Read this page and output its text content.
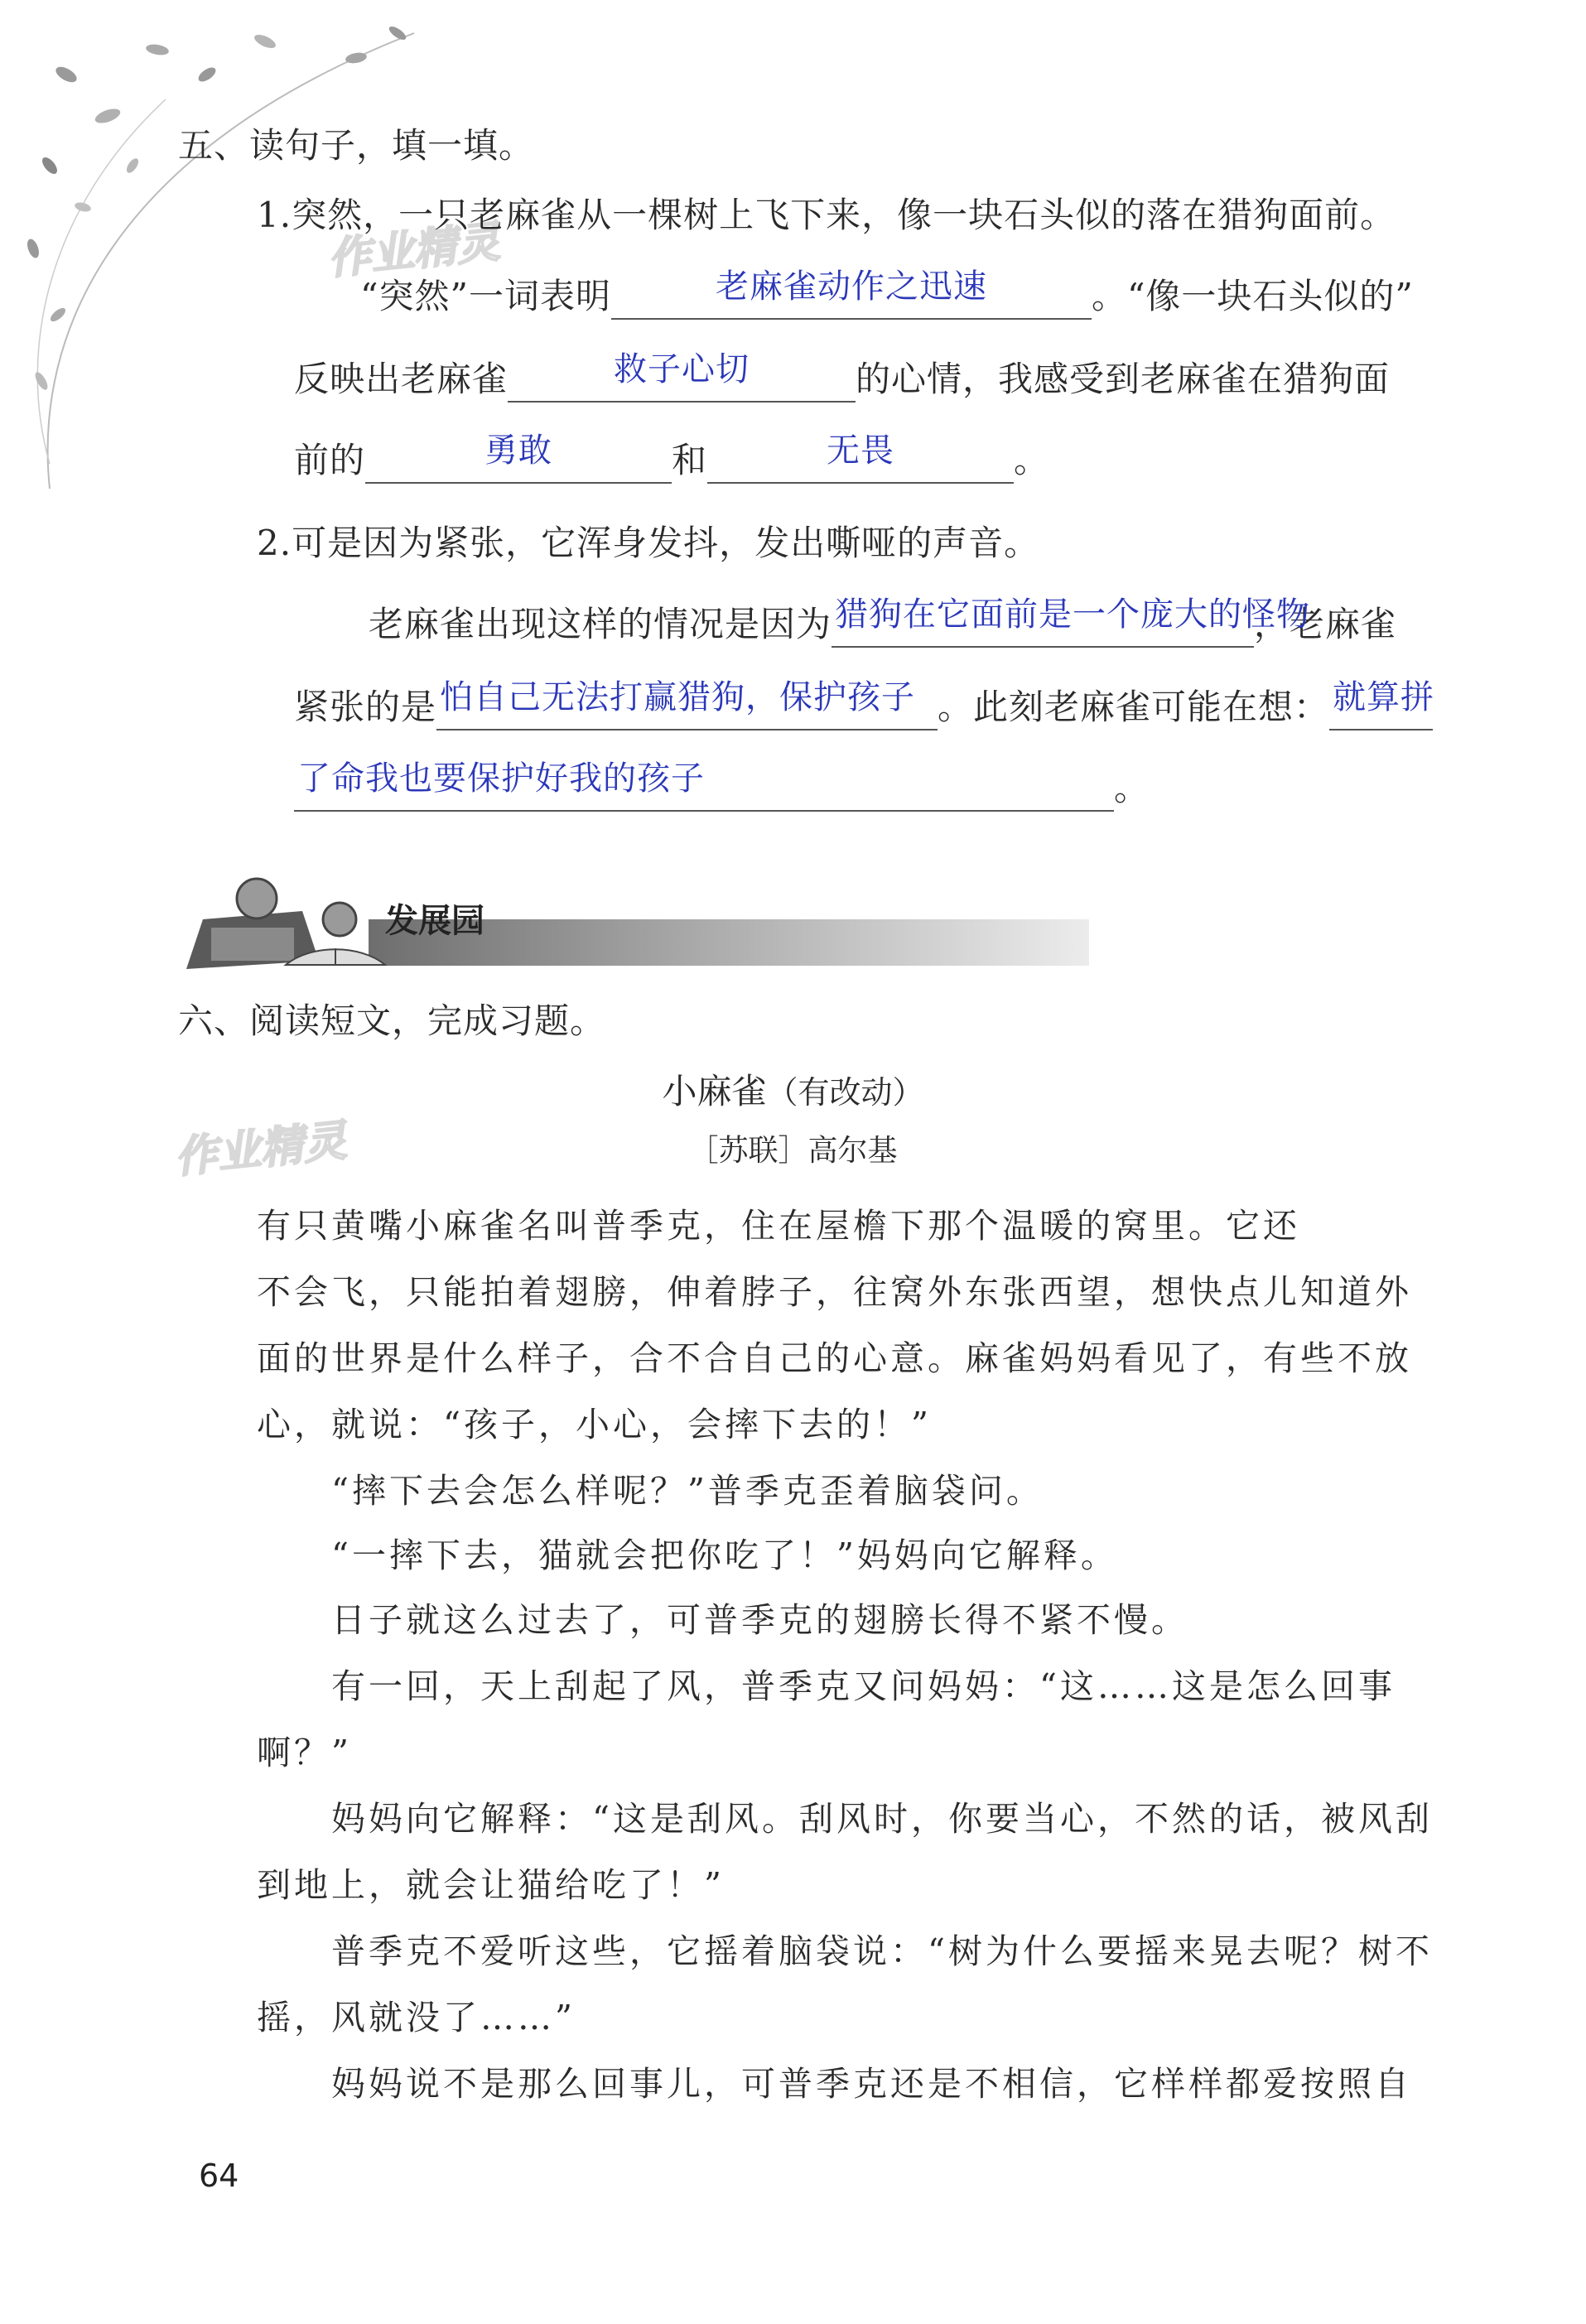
作业精灵
作业精灵
五、读句子，填一填。
1.突然，一只老麻雀从一棵树上飞下来，像一块石头似的落在猎狗面前。
“突然”一词表明	老麻雀动作之迅速	。“像一块石头似的”
反映出老麻雀	救子心切	的心情，我感受到老麻雀在猎狗面
前的	勇敢	和	无畏	。
2.可是因为紧张，它浑身发抖，发出嘶哑的声音。
老麻雀出现这样的情况是因为 猎狗在它面前是一个庞大的怪物
，老麻雀
紧张的是 怕自己无法打赢猎狗，保护孩子 。此刻老麻雀可能在想： 就算拼
了命我也要保护好我的孩子	。
发展园
六、阅读短文，完成习题。
小麻雀（有改动）
［苏联］高尔基
有只黄嘴小麻雀名叫普季克，住在屋檐下那个温暖的窝里。它还
不会飞，只能拍着翅膀，伸着脖子，往窝外东张西望，想快点儿知道外
面的世界是什么样子，合不合自己的心意。麻雀妈妈看见了，有些不放
心，就说：“孩子，小心，会摔下去的！”
“摔下去会怎么样呢？”普季克歪着脑袋问。
“一摔下去，猫就会把你吃了！”妈妈向它解释。
日子就这么过去了，可普季克的翅膀长得不紧不慢。
有一回，天上刮起了风，普季克又问妈妈：“这……这是怎么回事
啊？”
妈妈向它解释：“这是刮风。刮风时，你要当心，不然的话，被风刮
到地上，就会让猫给吃了！”
普季克不爱听这些，它摇着脑袋说：“树为什么要摇来晃去呢？树不
摇，风就没了……”
妈妈说不是那么回事儿，可普季克还是不相信，它样样都爱按照自
64
